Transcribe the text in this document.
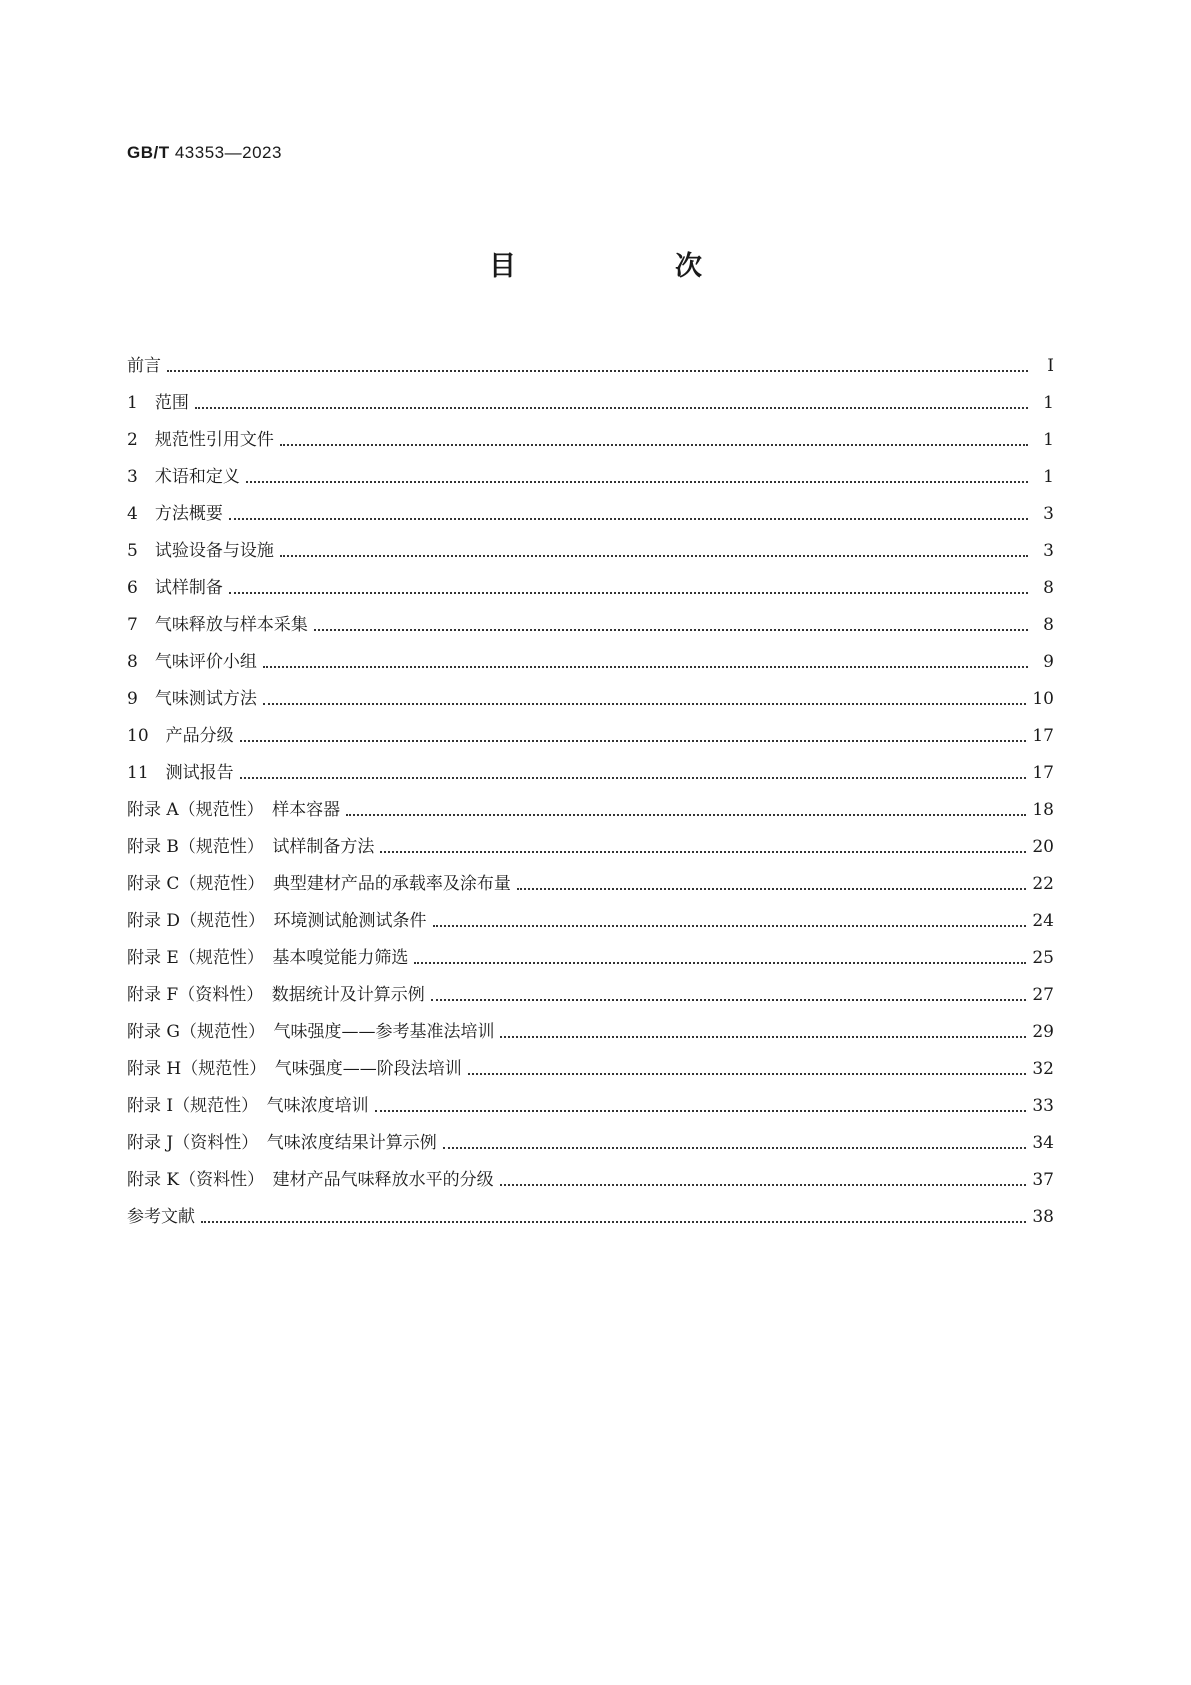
GB/T 43353—2023
目　次
前言	Ⅰ
1　范围	1
2　规范性引用文件	1
3　术语和定义	1
4　方法概要	3
5　试验设备与设施	3
6　试样制备	8
7　气味释放与样本采集	8
8　气味评价小组	9
9　气味测试方法	10
10　产品分级	17
11　测试报告	17
附录 A（规范性）　样本容器	18
附录 B（规范性）　试样制备方法	20
附录 C（规范性）　典型建材产品的承载率及涂布量	22
附录 D（规范性）　环境测试舱测试条件	24
附录 E（规范性）　基本嗅觉能力筛选	25
附录 F（资料性）　数据统计及计算示例	27
附录 G（规范性）　气味强度——参考基准法培训	29
附录 H（规范性）　气味强度——阶段法培训	32
附录 I（规范性）　气味浓度培训	33
附录 J（资料性）　气味浓度结果计算示例	34
附录 K（资料性）　建材产品气味释放水平的分级	37
参考文献	38
